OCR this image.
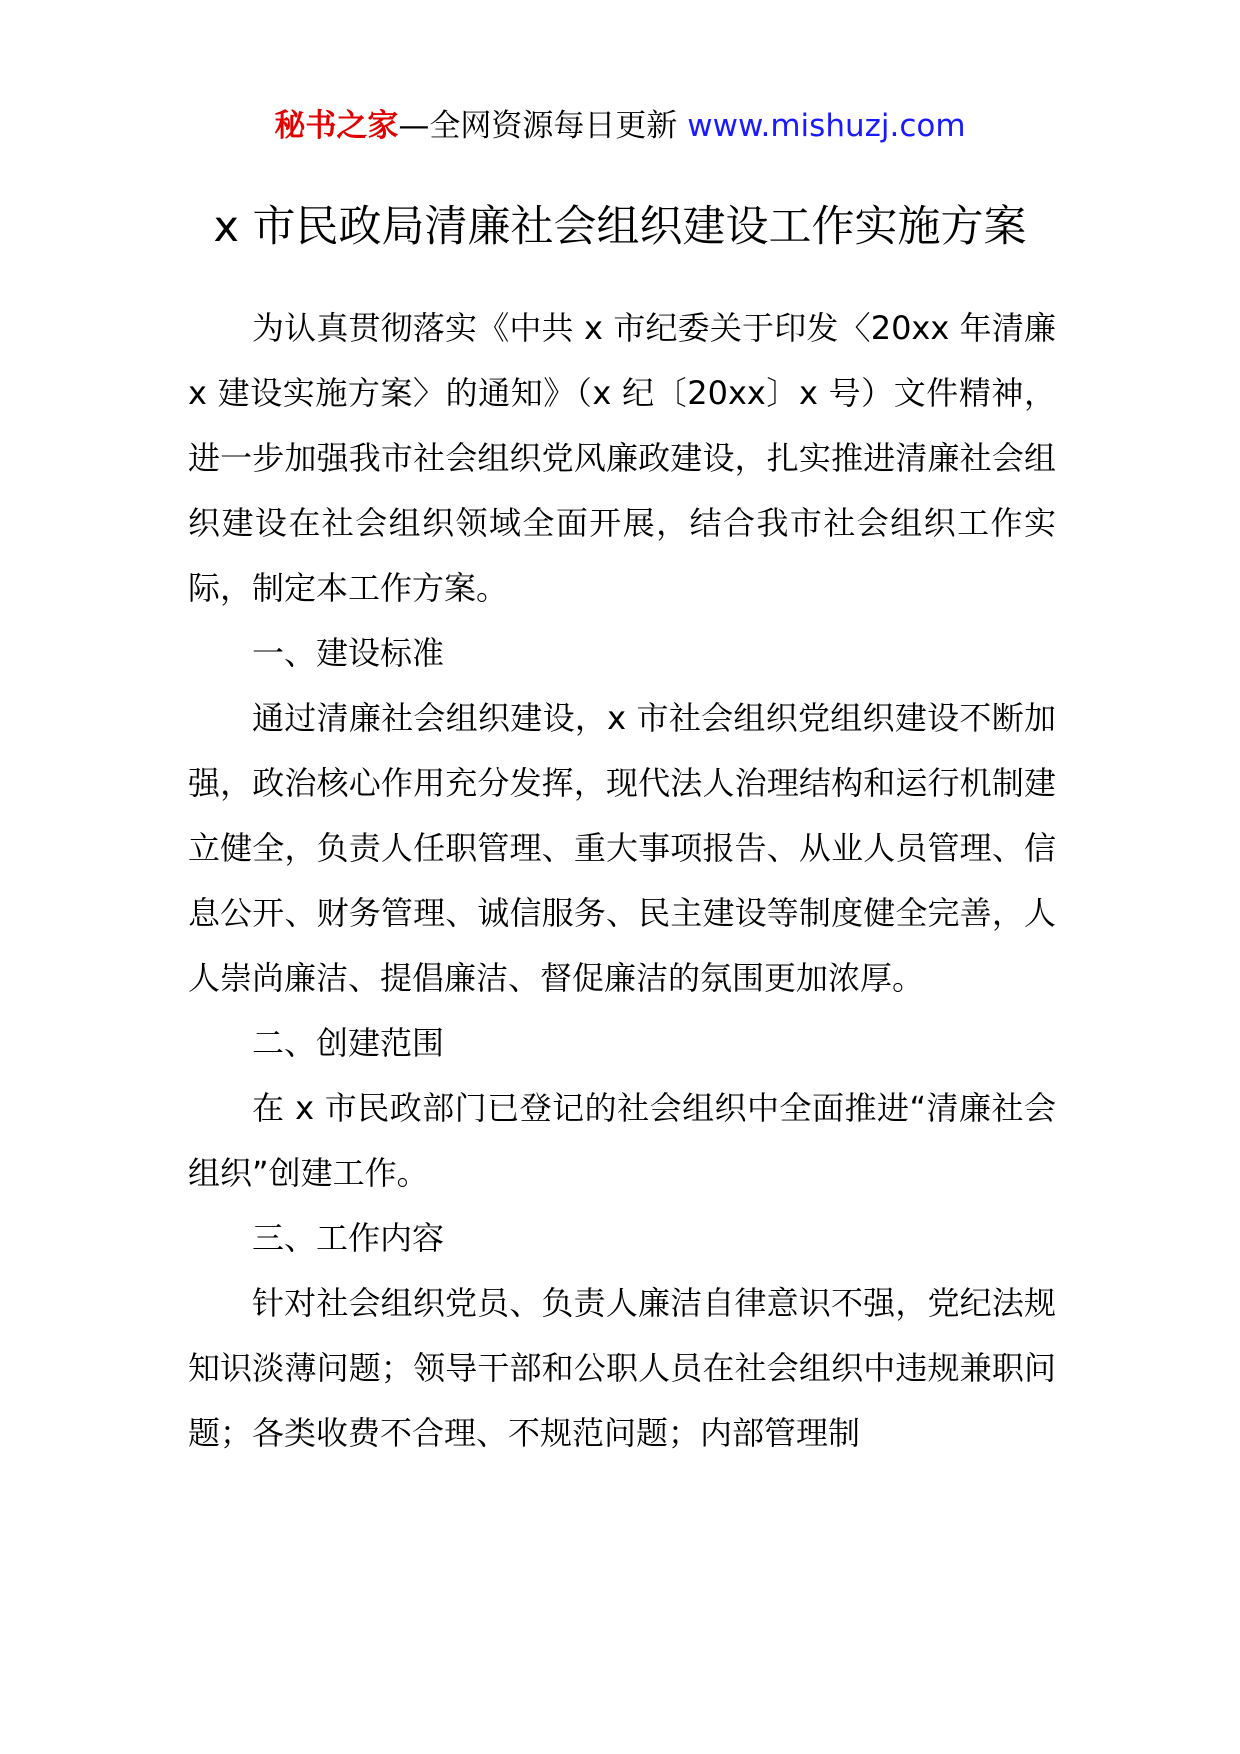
秘书之家—全网资源每日更新 www.mishuzj.com
x 市民政局清廉社会组织建设工作实施方案

为认真贯彻落实《中共 x 市纪委关于印发〈20xx 年清廉 x 建设实施方案〉的通知》（x 纪〔20xx〕x 号）文件精神，进一步加强我市社会组织党风廉政建设，扎实推进清廉社会组织建设在社会组织领域全面开展，结合我市社会组织工作实际，制定本工作方案。

一、建设标准

通过清廉社会组织建设，x 市社会组织党组织建设不断加强，政治核心作用充分发挥，现代法人治理结构和运行机制建立健全，负责人任职管理、重大事项报告、从业人员管理、信息公开、财务管理、诚信服务、民主建设等制度健全完善，人人崇尚廉洁、提倡廉洁、督促廉洁的氛围更加浓厚。

二、创建范围

在 x 市民政部门已登记的社会组织中全面推进“清廉社会组织”创建工作。

三、工作内容

针对社会组织党员、负责人廉洁自律意识不强，党纪法规知识淡薄问题；领导干部和公职人员在社会组织中违规兼职问题；各类收费不合理、不规范问题；内部管理制
